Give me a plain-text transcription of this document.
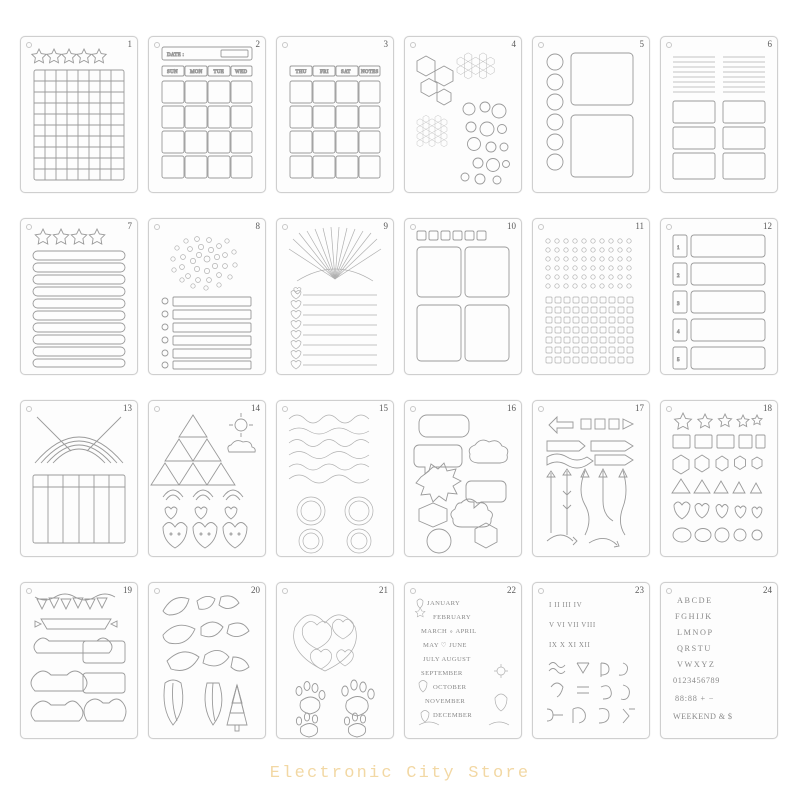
1	2
DATE :
SUN MON TUE WED
3
THU	FRI SAT NOTES
4	5	6
7	8	9	10	11	12
1
2
3
4
5
13	14	15	16	17	18
19	20	21	22
JANUARY
FEBRUARY
MARCH ∘ APRIL
MAY ♡ JUNE
JULY AUGUST
SEPTEMBER
OCTOBER
NOVEMBER
DECEMBER
23
I II III IV
V VI VII VIII
IX X XI XII
24
ABCDE
FGHIJK
LMNOP
QRSTU
VWXYZ
0123456789
88:88 + −
WEEKEND & $
Electronic City Store
